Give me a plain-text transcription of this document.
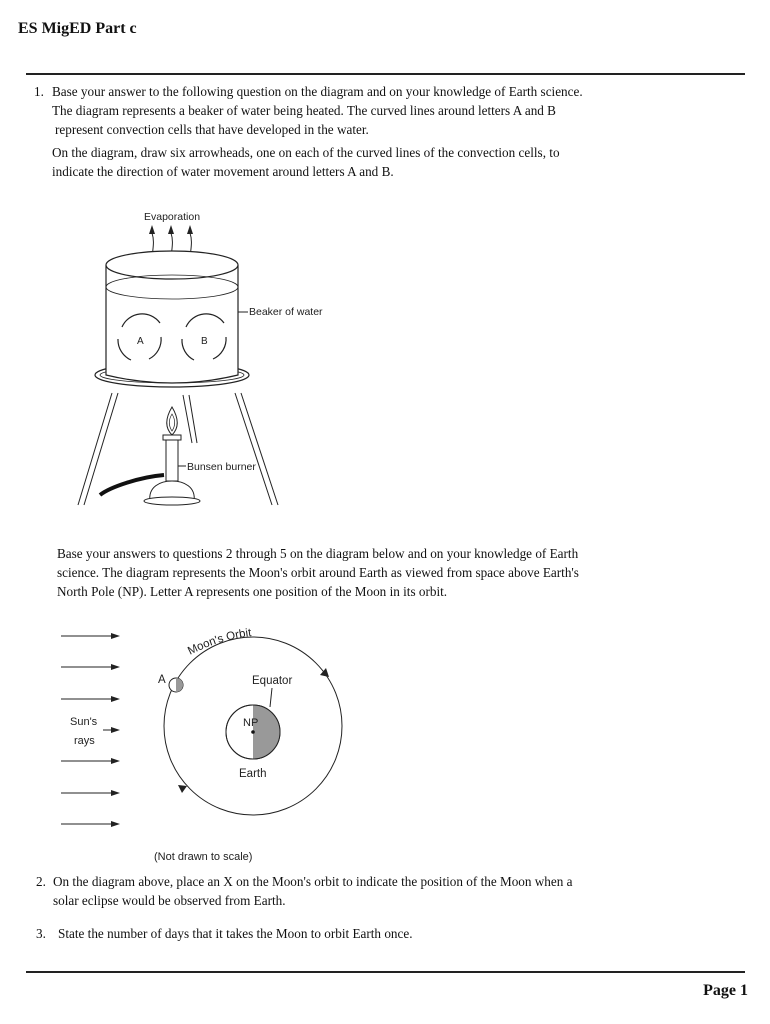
ES MigED Part c
1. Base your answer to the following question on the diagram and on your knowledge of Earth science.
The diagram represents a beaker of water being heated. The curved lines around letters A and B
represent convection cells that have developed in the water.
On the diagram, draw six arrowheads, one on each of the curved lines of the convection cells, to
indicate the direction of water movement around letters A and B.
Evaporation
A	B
Beaker of water
Bunsen burner
Base your answers to questions 2 through 5 on the diagram below and on your knowledge of Earth
science. The diagram represents the Moon's orbit around Earth as viewed from space above Earth's
North Pole (NP). Letter A represents one position of the Moon in its orbit.
Sun's
rays
Moon's Orbit
A
NP
Earth
Equator
(Not drawn to scale)
2. On the diagram above, place an X on the Moon's orbit to indicate the position of the Moon when a
solar eclipse would be observed from Earth.
3. State the number of days that it takes the Moon to orbit Earth once.
Page 1
